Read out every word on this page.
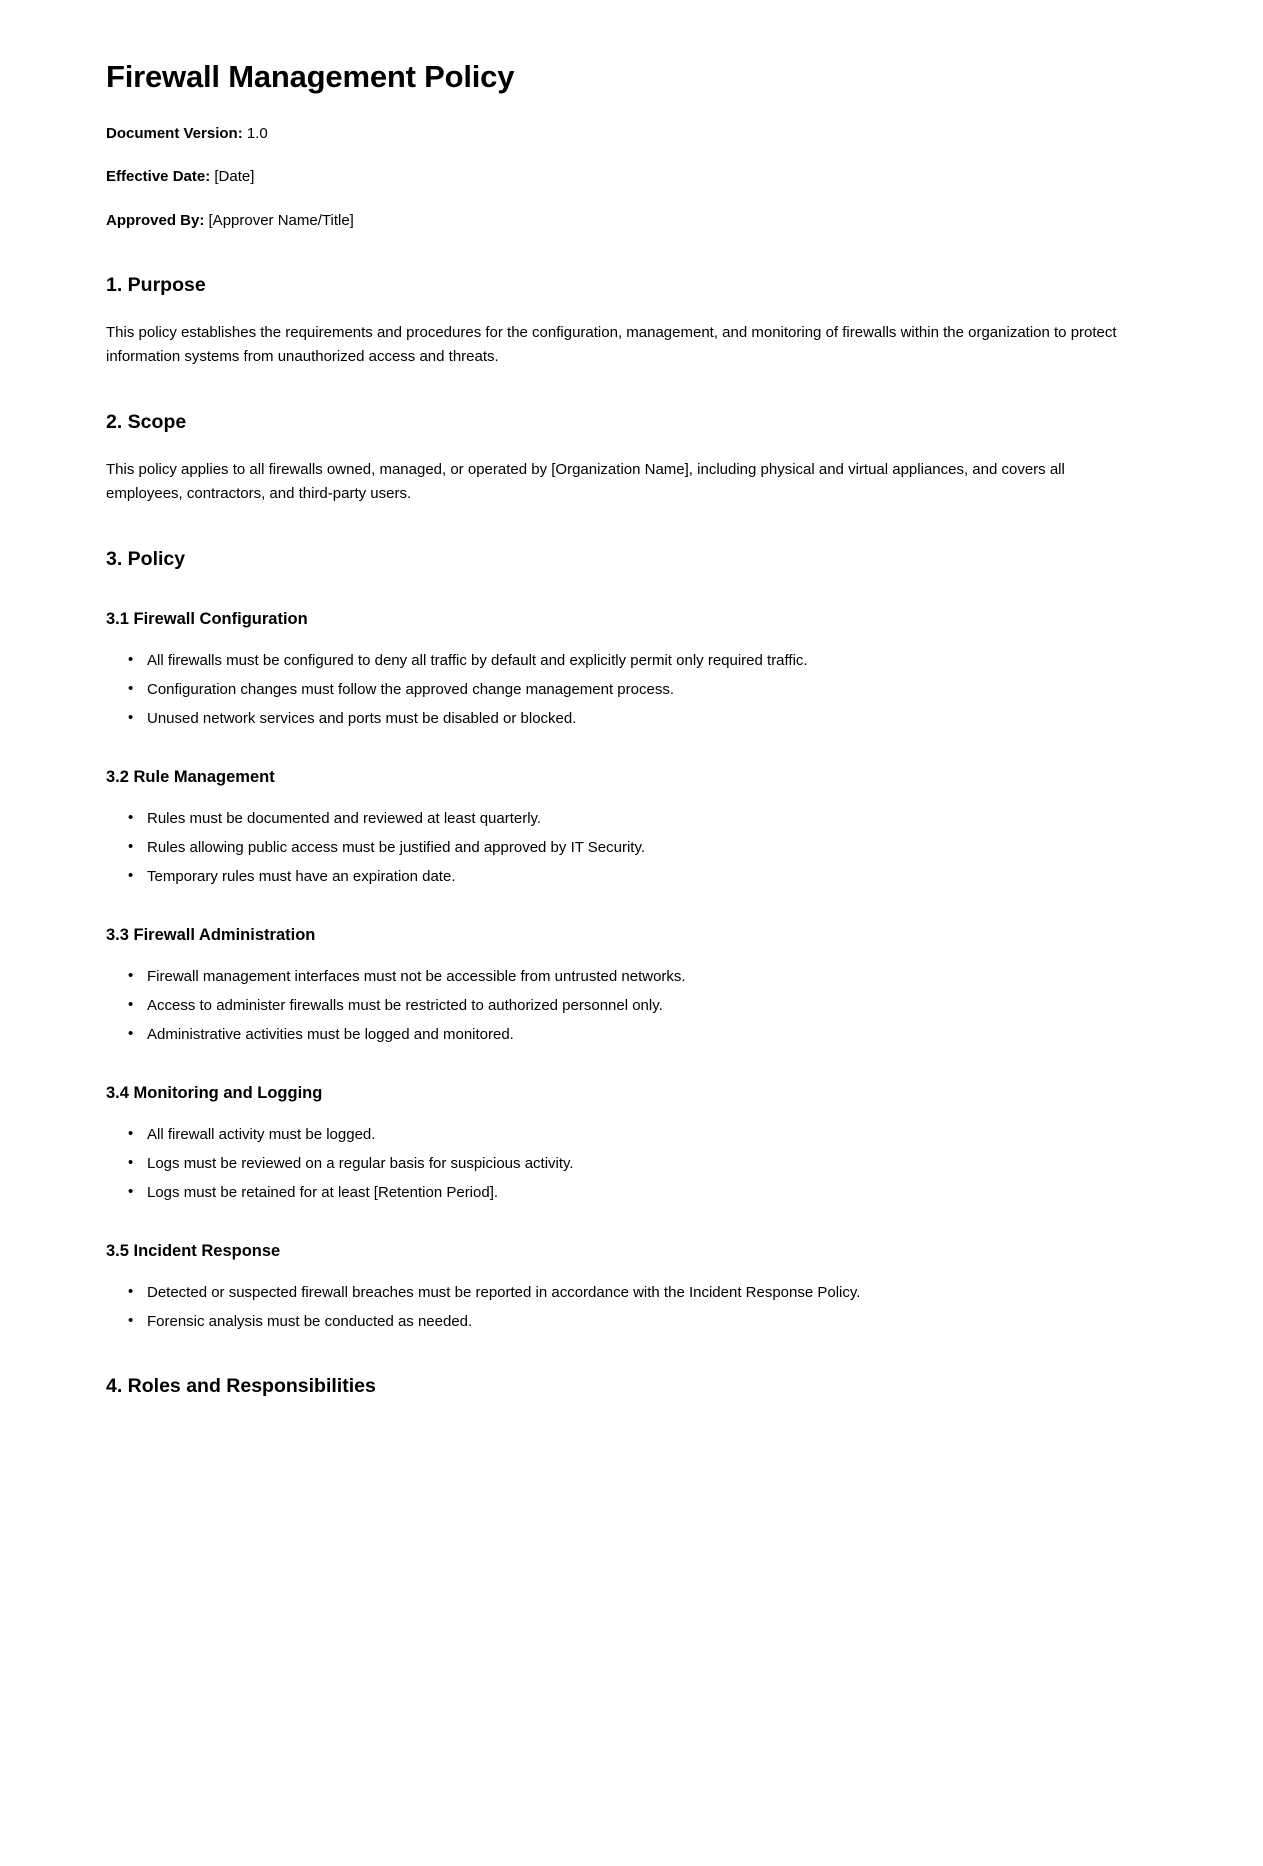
Firewall Management Policy

Document Version: 1.0

Effective Date: [Date]

Approved By: [Approver Name/Title]

1. Purpose

This policy establishes the requirements and procedures for the configuration, management, and monitoring of firewalls within the organization to protect information systems from unauthorized access and threats.

2. Scope

This policy applies to all firewalls owned, managed, or operated by [Organization Name], including physical and virtual appliances, and covers all employees, contractors, and third-party users.

3. Policy
3.1 Firewall Configuration
• All firewalls must be configured to deny all traffic by default and explicitly permit only required traffic.
• Configuration changes must follow the approved change management process.
• Unused network services and ports must be disabled or blocked.
3.2 Rule Management
• Rules must be documented and reviewed at least quarterly.
• Rules allowing public access must be justified and approved by IT Security.
• Temporary rules must have an expiration date.
3.3 Firewall Administration
• Firewall management interfaces must not be accessible from untrusted networks.
• Access to administer firewalls must be restricted to authorized personnel only.
• Administrative activities must be logged and monitored.
3.4 Monitoring and Logging
• All firewall activity must be logged.
• Logs must be reviewed on a regular basis for suspicious activity.
• Logs must be retained for at least [Retention Period].
3.5 Incident Response
• Detected or suspected firewall breaches must be reported in accordance with the Incident Response Policy.
• Forensic analysis must be conducted as needed.
4. Roles and Responsibilities
